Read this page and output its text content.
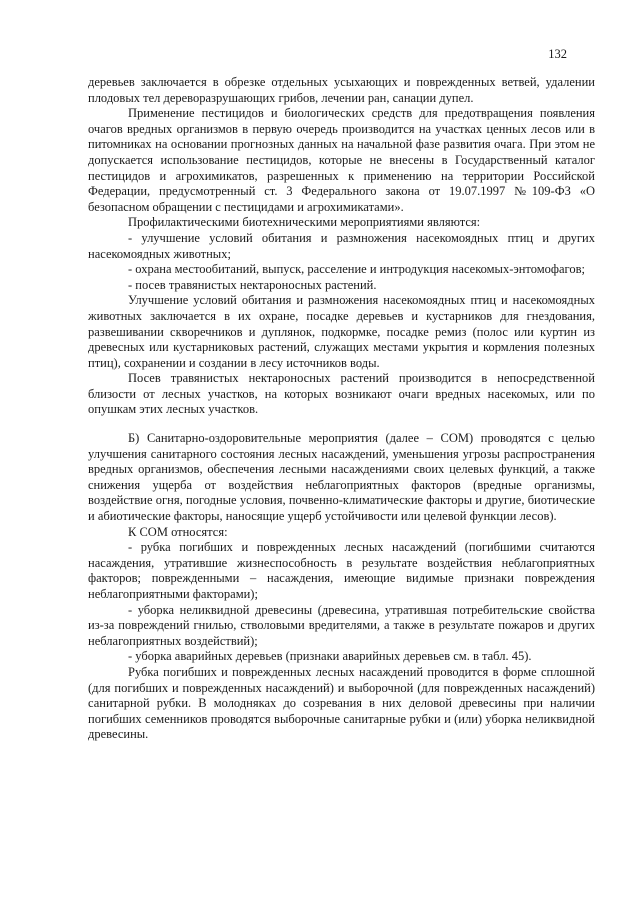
132

деревьев заключается в обрезке отдельных усыхающих и поврежденных ветвей, удалении плодовых тел дереворазрушающих грибов, лечении ран, санации дупел.

Применение пестицидов и биологических средств для предотвращения появления очагов вредных организмов в первую очередь производится на участках ценных лесов или в питомниках на основании прогнозных данных на начальной фазе развития очага. При этом не допускается использование пестицидов, которые не внесены в Государственный каталог пестицидов и агрохимикатов, разрешенных к применению на территории Российской Федерации, предусмотренный ст. 3 Федерального закона от 19.07.1997 №109-ФЗ «О безопасном обращении с пестицидами и агрохимикатами».

Профилактическими биотехническими мероприятиями являются:

- улучшение условий обитания и размножения насекомоядных птиц и других насекомоядных животных;

- охрана местообитаний, выпуск, расселение и интродукция насекомых-энтомофагов;

- посев травянистых нектароносных растений.

Улучшение условий обитания и размножения насекомоядных птиц и насекомоядных животных заключается в их охране, посадке деревьев и кустарников для гнездования, развешивании скворечников и дуплянок, подкормке, посадке ремиз (полос или куртин из древесных или кустарниковых растений, служащих местами укрытия и кормления полезных птиц), сохранении и создании в лесу источников воды.

Посев травянистых нектароносных растений производится в непосредственной близости от лесных участков, на которых возникают очаги вредных насекомых, или по опушкам этих лесных участков.

Б) Санитарно-оздоровительные мероприятия (далее – СОМ) проводятся с целью улучшения санитарного состояния лесных насаждений, уменьшения угрозы распространения вредных организмов, обеспечения лесными насаждениями своих целевых функций, а также снижения ущерба от воздействия неблагоприятных факторов (вредные организмы, воздействие огня, погодные условия, почвенно-климатические факторы и другие, биотические и абиотические факторы, наносящие ущерб устойчивости или целевой функции лесов).

К СОМ относятся:

- рубка погибших и поврежденных лесных насаждений (погибшими считаются насаждения, утратившие жизнеспособность в результате воздействия неблагоприятных факторов; поврежденными – насаждения, имеющие видимые признаки повреждения неблагоприятными факторами);

- уборка неликвидной древесины (древесина, утратившая потребительские свойства из-за повреждений гнилью, стволовыми вредителями, а также в результате пожаров и других неблагоприятных воздействий);

- уборка аварийных деревьев (признаки аварийных деревьев см. в табл. 45).

Рубка погибших и поврежденных лесных насаждений проводится в форме сплошной (для погибших и поврежденных насаждений) и выборочной (для поврежденных насаждений) санитарной рубки. В молодняках до созревания в них деловой древесины при наличии погибших семенников проводятся выборочные санитарные рубки и (или) уборка неликвидной древесины.
